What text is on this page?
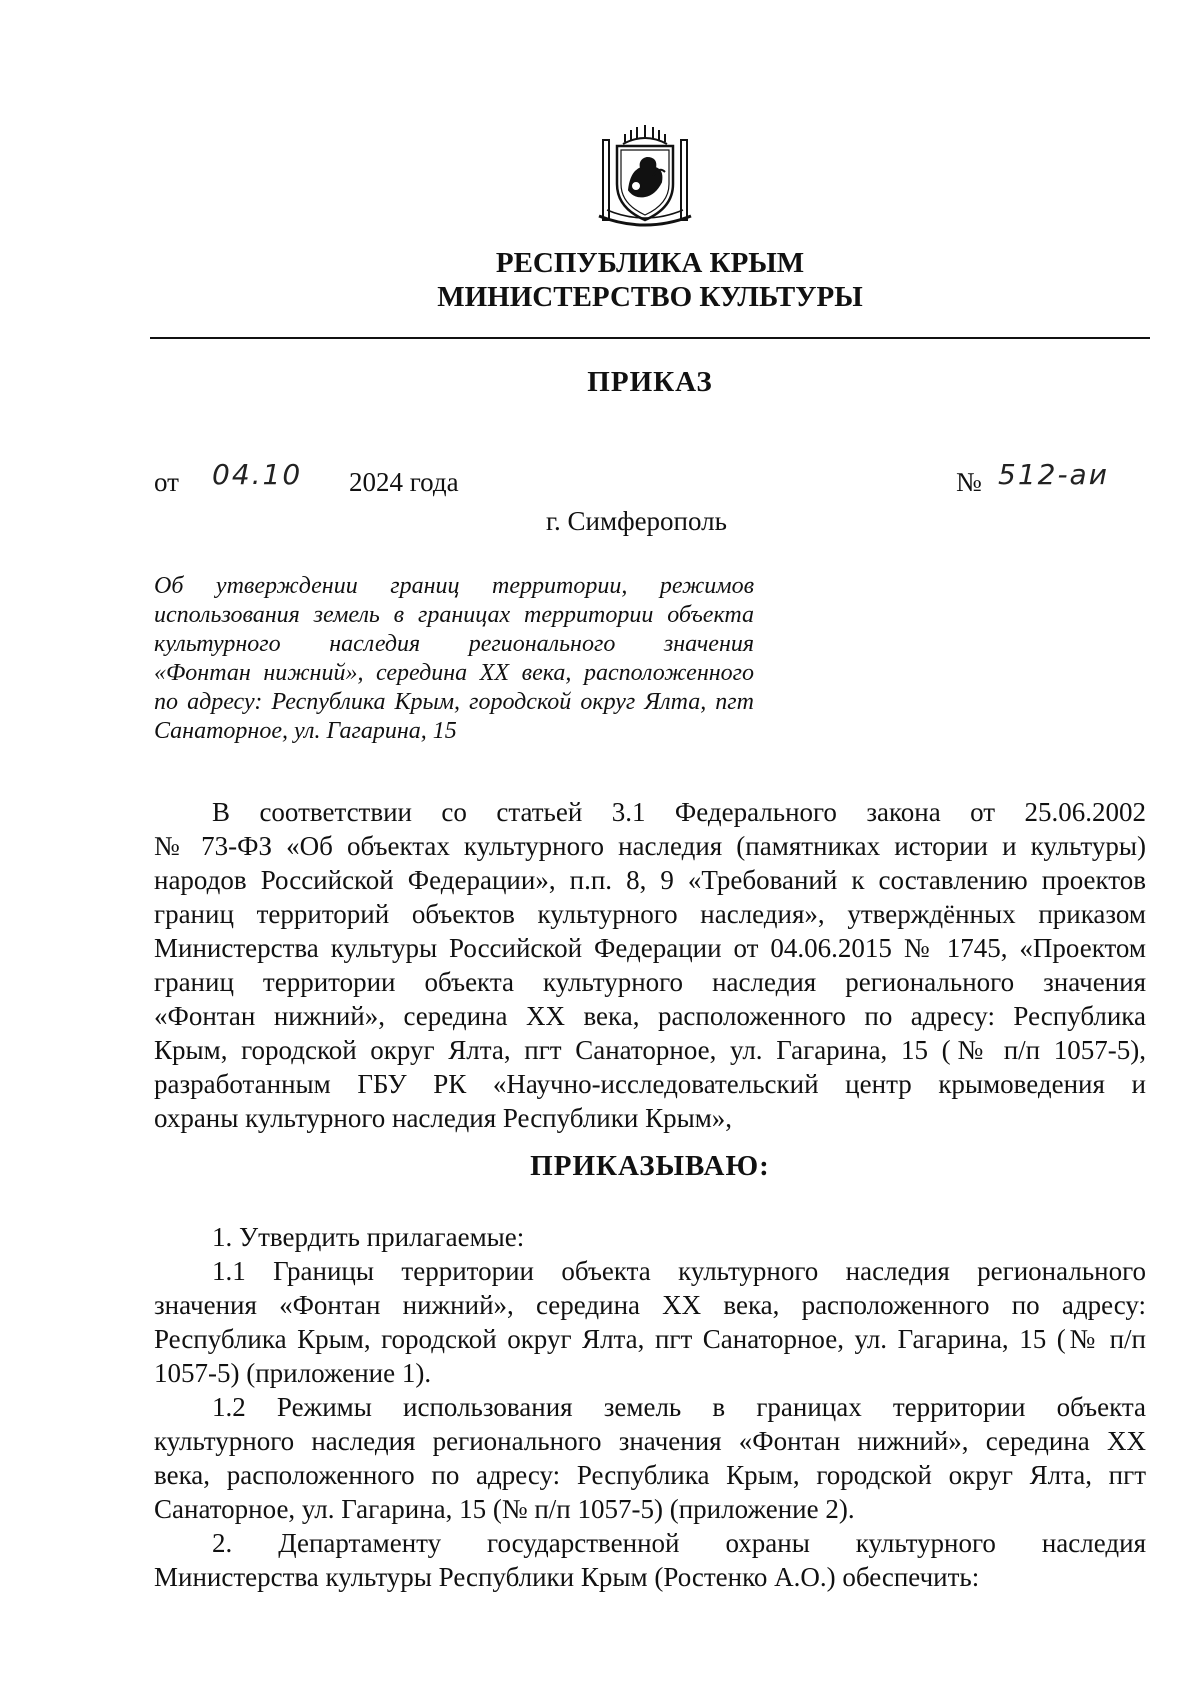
РЕСПУБЛИКА КРЫМ
МИНИСТЕРСТВО КУЛЬТУРЫ
ПРИКАЗ
от 04.10 2024 года	№ 512-аи
г. Симферополь
Об утверждении границ территории, режимов
использования земель в границах территории объекта
культурного наследия регионального значения
«Фонтан нижний», середина XX века, расположенного
по адресу: Республика Крым, городской округ Ялта, пгт
Санаторное, ул. Гагарина, 15
В соответствии со статьей 3.1 Федерального закона от 25.06.2002
№ 73-ФЗ «Об объектах культурного наследия (памятниках истории и культуры)
народов Российской Федерации», п.п. 8, 9 «Требований к составлению проектов
границ территорий объектов культурного наследия», утверждённых приказом
Министерства культуры Российской Федерации от 04.06.2015 № 1745, «Проектом
границ территории объекта культурного наследия регионального значения
«Фонтан нижний», середина XX века, расположенного по адресу: Республика
Крым, городской округ Ялта, пгт Санаторное, ул. Гагарина, 15 (№ п/п 1057-5),
разработанным ГБУ РК «Научно-исследовательский центр крымоведения и
охраны культурного наследия Республики Крым»,
ПРИКАЗЫВАЮ:
1. Утвердить прилагаемые:
1.1 Границы территории объекта культурного наследия регионального
значения «Фонтан нижний», середина XX века, расположенного по адресу:
Республика Крым, городской округ Ялта, пгт Санаторное, ул. Гагарина, 15 (№ п/п
1057-5) (приложение 1).
1.2 Режимы использования земель в границах территории объекта
культурного наследия регионального значения «Фонтан нижний», середина XX
века, расположенного по адресу: Республика Крым, городской округ Ялта, пгт
Санаторное, ул. Гагарина, 15 (№ п/п 1057-5) (приложение 2).
2. Департаменту государственной охраны культурного наследия
Министерства культуры Республики Крым (Ростенко А.О.) обеспечить:
